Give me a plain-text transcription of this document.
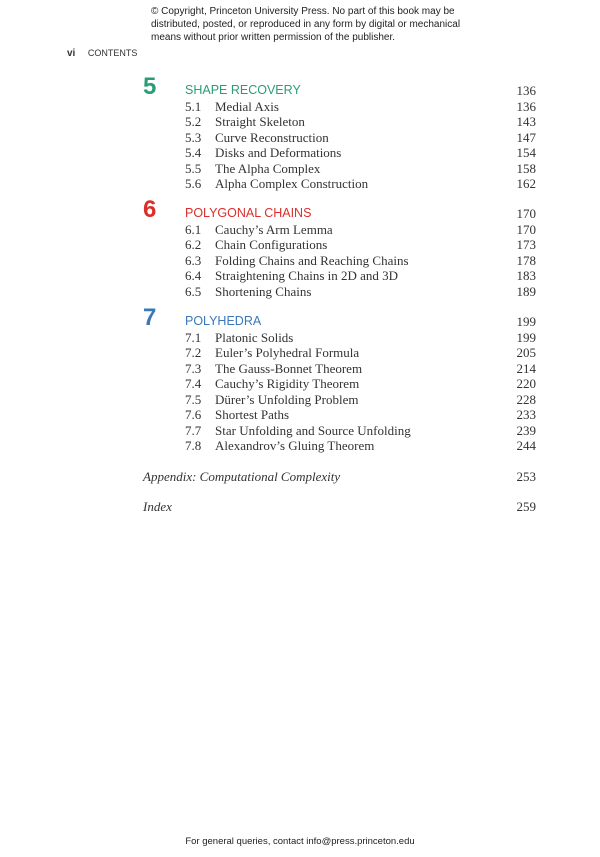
© Copyright, Princeton University Press. No part of this book may be distributed, posted, or reproduced in any form by digital or mechanical means without prior written permission of the publisher.
vi CONTENTS
5 SHAPE RECOVERY	136
5.1 Medial Axis	136
5.2 Straight Skeleton	143
5.3 Curve Reconstruction	147
5.4 Disks and Deformations	154
5.5 The Alpha Complex	158
5.6 Alpha Complex Construction	162
6 POLYGONAL CHAINS	170
6.1 Cauchy’s Arm Lemma	170
6.2 Chain Configurations	173
6.3 Folding Chains and Reaching Chains	178
6.4 Straightening Chains in 2D and 3D	183
6.5 Shortening Chains	189
7 POLYHEDRA	199
7.1 Platonic Solids	199
7.2 Euler’s Polyhedral Formula	205
7.3 The Gauss-Bonnet Theorem	214
7.4 Cauchy’s Rigidity Theorem	220
7.5 Dürer’s Unfolding Problem	228
7.6 Shortest Paths	233
7.7 Star Unfolding and Source Unfolding	239
7.8 Alexandrov’s Gluing Theorem	244
Appendix: Computational Complexity	253
Index	259
For general queries, contact info@press.princeton.edu
